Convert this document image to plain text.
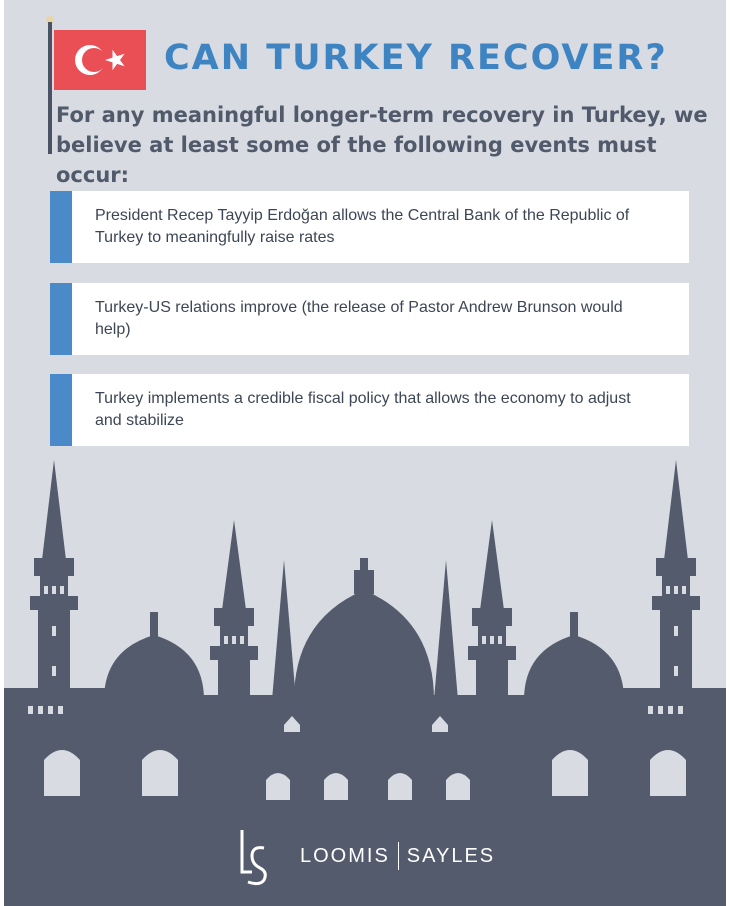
CAN TURKEY RECOVER?
For any meaningful longer-term recovery in Turkey, we believe at least some of the following events must occur:
President Recep Tayyip Erdoğan allows the Central Bank of the Republic of Turkey to meaningfully raise rates
Turkey-US relations improve (the release of Pastor Andrew Brunson would help)
Turkey implements a credible fiscal policy that allows the economy to adjust and stabilize
LOOMIS SAYLES
